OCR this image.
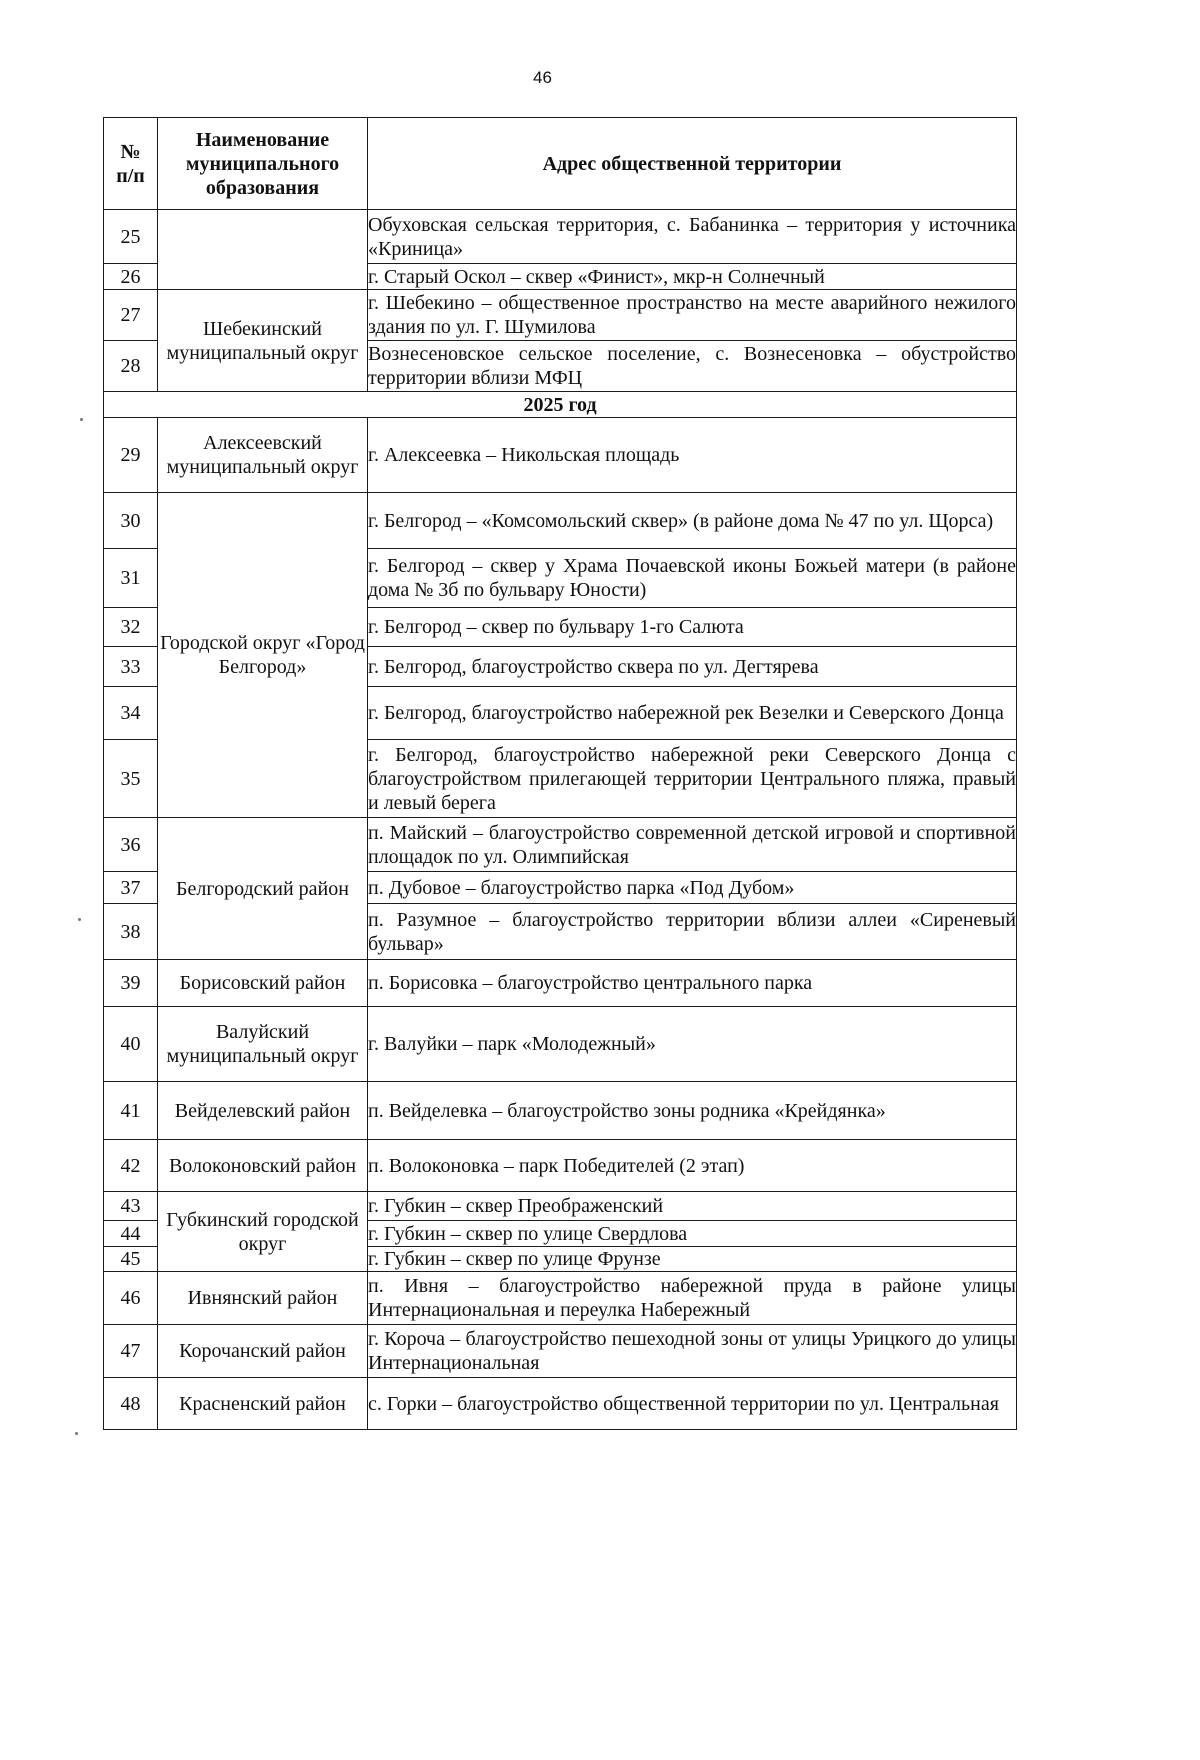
46
№ п/п	Наименование муниципального образования	Адрес общественной территории
25		Обуховская сельская территория, с. Бабанинка – территория у источника «Криница»
26		г. Старый Оскол – сквер «Финист», мкр-н Солнечный
27	Шебекинский муниципальный округ	г. Шебекино – общественное пространство на месте аварийного нежилого здания по ул. Г. Шумилова
28		Вознесеновское сельское поселение, с. Вознесеновка – обустройство территории вблизи МФЦ
2025 год		
29	Алексеевский муниципальный округ	г. Алексеевка – Никольская площадь
30	Городской округ «Город Белгород»	г. Белгород – «Комсомольский сквер» (в районе дома № 47 по ул. Щорса)
31		г. Белгород – сквер у Храма Почаевской иконы Божьей матери (в районе дома № 3б по бульвару Юности)
32		г. Белгород – сквер по бульвару 1-го Салюта
33		г. Белгород, благоустройство сквера по ул. Дегтярева
34		г. Белгород, благоустройство набережной рек Везелки и Северского Донца
35		г. Белгород, благоустройство набережной реки Северского Донца с благоустройством прилегающей территории Центрального пляжа, правый и левый берега
36	Белгородский район	п. Майский – благоустройство современной детской игровой и спортивной площадок по ул. Олимпийская
37		п. Дубовое – благоустройство парка «Под Дубом»
38		п. Разумное – благоустройство территории вблизи аллеи «Сиреневый бульвар»
39	Борисовский район	п. Борисовка – благоустройство центрального парка
40	Валуйский муниципальный округ	г. Валуйки – парк «Молодежный»
41	Вейделевский район	п. Вейделевка – благоустройство зоны родника «Крейдянка»
42	Волоконовский район	п. Волоконовка – парк Победителей (2 этап)
43	Губкинский городской округ	г. Губкин – сквер Преображенский
44		г. Губкин – сквер по улице Свердлова
45		г. Губкин – сквер по улице Фрунзе
46	Ивнянский район	п. Ивня – благоустройство набережной пруда в районе улицы Интернациональная и переулка Набережный
47	Корочанский район	г. Короча – благоустройство пешеходной зоны от улицы Урицкого до улицы Интернациональная
48	Красненский район	с. Горки – благоустройство общественной территории по ул. Центральная
